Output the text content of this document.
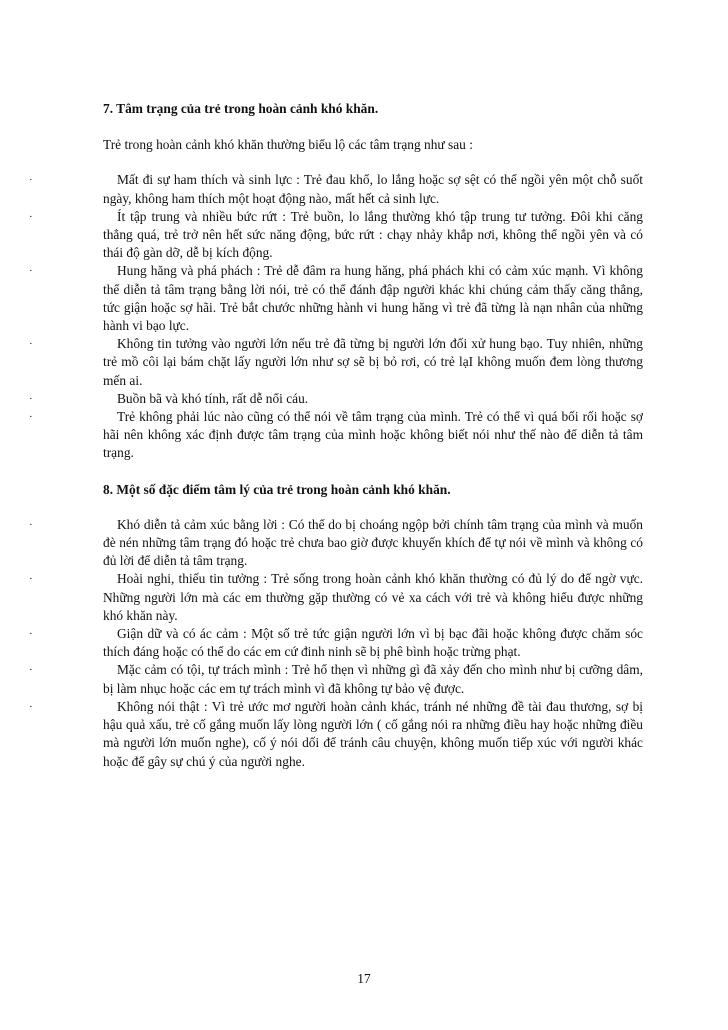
7. Tâm trạng của trẻ trong hoàn cảnh khó khăn.

Trẻ trong hoàn cảnh khó khăn thường biểu lộ các tâm trạng như sau :

·	Mất đi sự ham thích và sinh lực : Trẻ đau khổ, lo lắng hoặc sợ sệt có thể ngồi yên một chỗ suốt ngày, không ham thích một hoạt động nào, mất hết cả sinh lực.

·	Ít tập trung và nhiều bức rứt : Trẻ buồn, lo lắng thường khó tập trung tư tưởng. Đôi khi căng thẳng quá, trẻ trở nên hết sức năng động, bức rứt : chạy nhảy khắp nơi, không thể ngồi yên và có thái độ gàn dỡ, dễ bị kích động.

·	Hung hăng và phá phách : Trẻ dễ đâm ra hung hăng, phá phách khi có cảm xúc mạnh. Vì không thể diễn tả tâm trạng bằng lời nói, trẻ có thể đánh đập người khác khi chúng cảm thấy căng thẳng, tức giận hoặc sợ hãi. Trẻ bắt chước những hành vi hung hăng vì trẻ đã từng là nạn nhân của những hành vi bạo lực.

·	Không tin tưởng vào người lớn nếu trẻ đã từng bị người lớn đối xử hung bạo. Tuy nhiên, những trẻ mồ côi lại bám chặt lấy người lớn như sợ sẽ bị bỏ rơi, có trẻ lạI không muốn đem lòng thương mến ai.

·	Buồn bã và khó tính, rất dễ nổi cáu.

·	Trẻ không phải lúc nào cũng có thể nói về tâm trạng của mình. Trẻ có thể vì quá bối rối hoặc sợ hãi nên không xác định được tâm trạng của mình hoặc không biết nói như thế nào để diễn tả tâm trạng.

8. Một số đặc điểm tâm lý của trẻ trong hoàn cảnh khó khăn.

·	Khó diễn tả cảm xúc bằng lời : Có thể do bị choáng ngộp bởi chính tâm trạng của mình và muốn đè nén những tâm trạng đó hoặc trẻ chưa bao giờ được khuyến khích để tự nói về mình và không có đủ lời để diễn tả tâm trạng.

·	Hoài nghi, thiếu tin tưởng : Trẻ sống trong hoàn cảnh khó khăn thường có đủ lý do để ngờ vực. Những người lớn mà các em thường gặp thường có vẻ xa cách với trẻ và không hiểu được những khó khăn này.

·	Giận dữ và có ác cảm : Một số trẻ tức giận người lớn vì bị bạc đãi hoặc không được chăm sóc thích đáng hoặc có thể do các em cứ đinh ninh sẽ bị phê bình hoặc trừng phạt.

·	Mặc cảm có tội, tự trách mình : Trẻ hổ thẹn vì những gì đã xảy đến cho mình như bị cưỡng dâm, bị làm nhục hoặc các em tự trách mình vì đã không tự bảo vệ được.

·	Không nói thật : Vì trẻ ước mơ người hoàn cảnh khác, tránh né những đề tài đau thương, sợ bị hậu quả xấu, trẻ cố gắng muốn lấy lòng người lớn ( cố gắng nói ra những điều hay hoặc những điều mà người lớn muốn nghe), cố ý nói dối để tránh câu chuyện, không muốn tiếp xúc với người khác hoặc để gây sự chú ý của người nghe.

17
